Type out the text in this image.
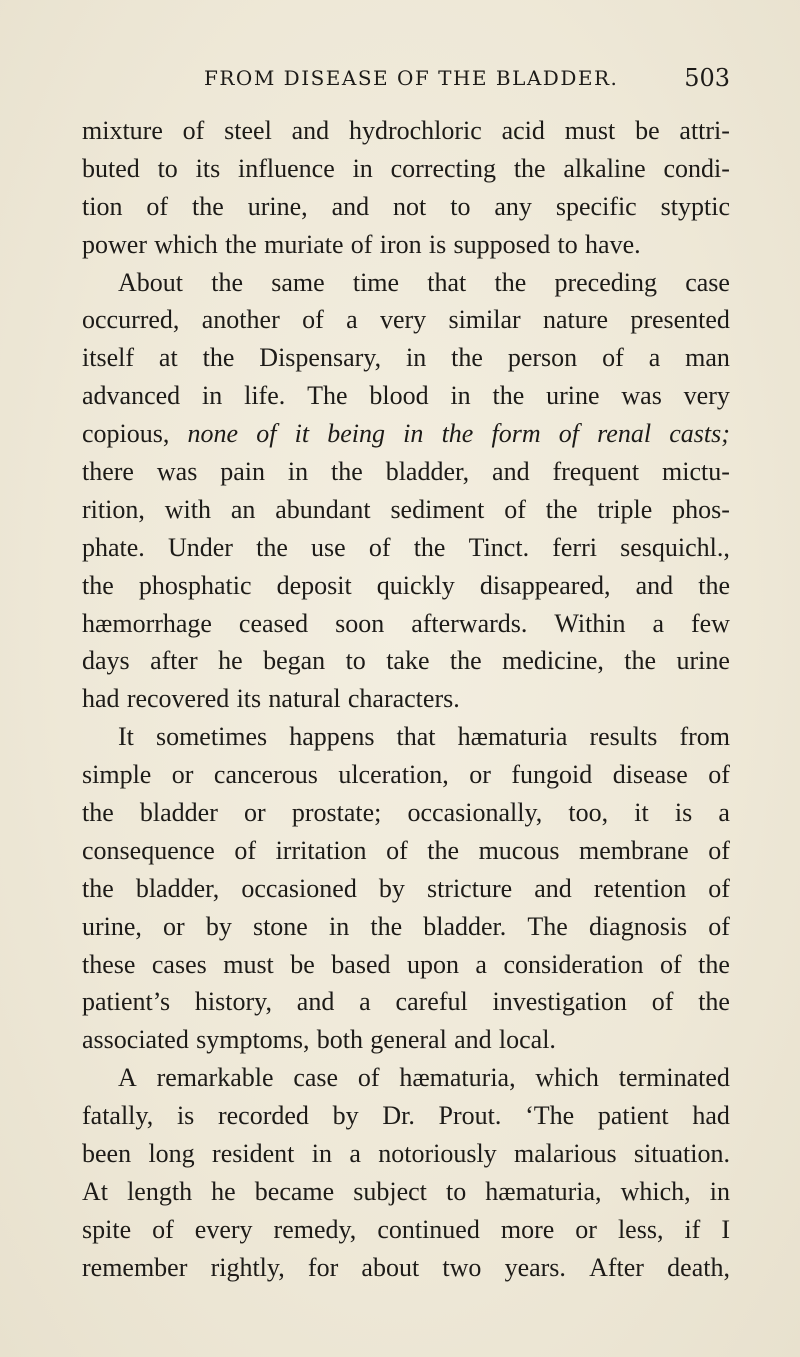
FROM DISEASE OF THE BLADDER.	503
mixture of steel and hydrochloric acid must be attri-
buted to its influence in correcting the alkaline condi-
tion of the urine, and not to any specific styptic
power which the muriate of iron is supposed to have.
About the same time that the preceding case
occurred, another of a very similar nature presented
itself at the Dispensary, in the person of a man
advanced in life. The blood in the urine was very
copious, none of it being in the form of renal casts;
there was pain in the bladder, and frequent mictu-
rition, with an abundant sediment of the triple phos-
phate. Under the use of the Tinct. ferri sesquichl.,
the phosphatic deposit quickly disappeared, and the
hæmorrhage ceased soon afterwards. Within a few
days after he began to take the medicine, the urine
had recovered its natural characters.
It sometimes happens that hæmaturia results from
simple or cancerous ulceration, or fungoid disease of
the bladder or prostate; occasionally, too, it is a
consequence of irritation of the mucous membrane of
the bladder, occasioned by stricture and retention of
urine, or by stone in the bladder. The diagnosis of
these cases must be based upon a consideration of the
patient’s history, and a careful investigation of the
associated symptoms, both general and local.
A remarkable case of hæmaturia, which terminated
fatally, is recorded by Dr. Prout. ‘The patient had
been long resident in a notoriously malarious situation.
At length he became subject to hæmaturia, which, in
spite of every remedy, continued more or less, if I
remember rightly, for about two years. After death,
